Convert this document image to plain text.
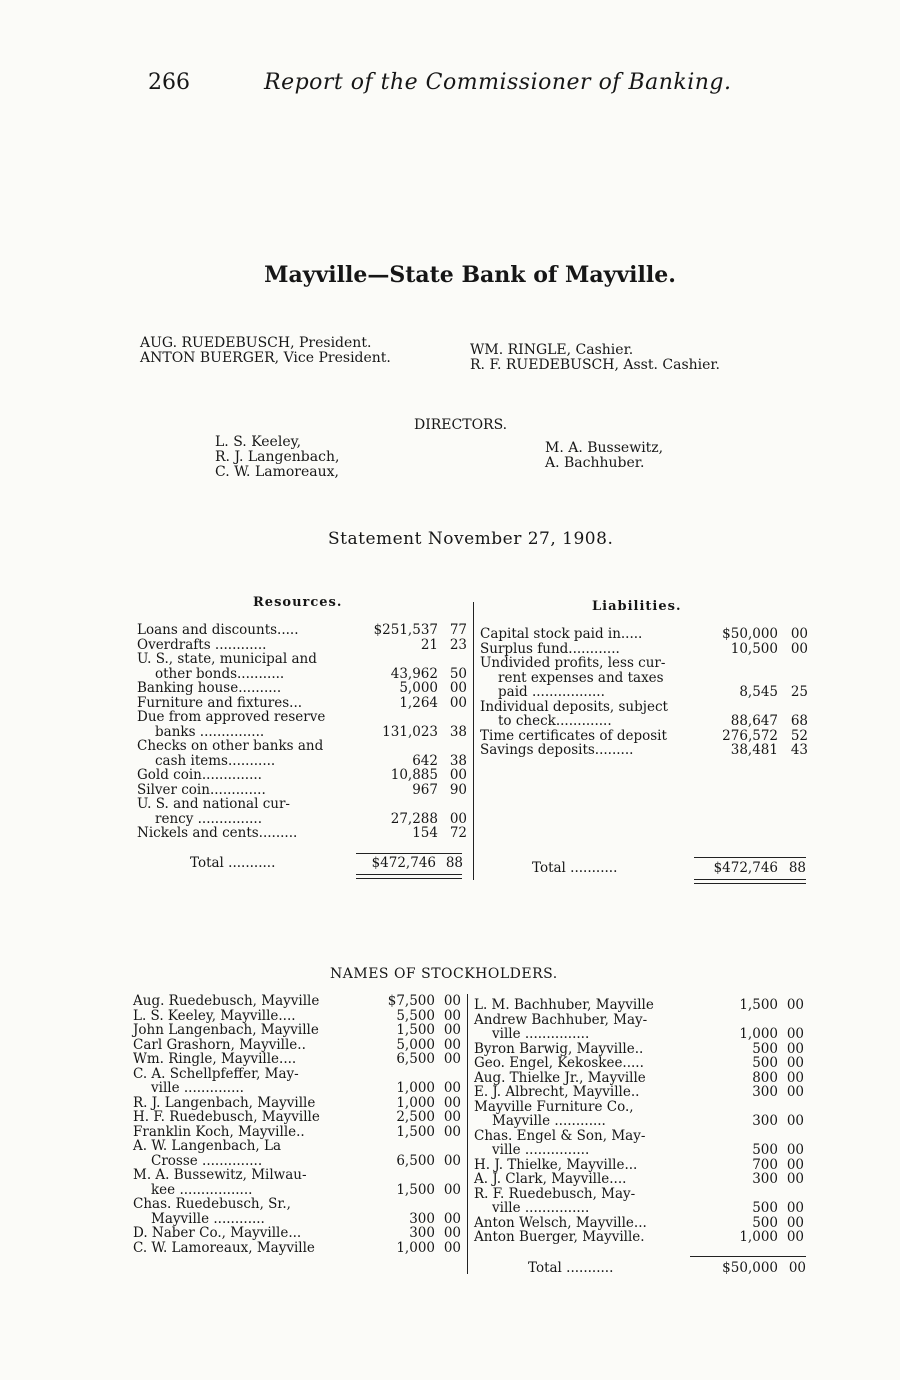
266	Report of the Commissioner of Banking.
Mayville—State Bank of Mayville.
AUG. RUEDEBUSCH, President.
ANTON BUERGER, Vice President.	WM. RINGLE, Cashier.
R. F. RUEDEBUSCH, Asst. Cashier.
DIRECTORS.
L. S. Keeley,
R. J. Langenbach,
C. W. Lamoreaux,
M. A. Bussewitz,
A. Bachhuber.
Statement November 27, 1908.
Resources.	Liabilities.
Loans and discounts.....	$251,537 77
Overdrafts ............	21 23
U. S., state, municipal and
other bonds...........	43,962 50
Banking house..........	5,000 00
Furniture and fixtures...	1,264 00
Due from approved reserve
banks ...............	131,023 38
Checks on other banks and
cash items...........	642 38
Gold coin..............	10,885 00
Silver coin.............	967 90
U. S. and national cur-
rency ...............	27,288 00
Nickels and cents.........	154 72
Capital stock paid in.....	$50,000 00
Surplus fund............	10,500 00
Undivided profits, less cur-
rent expenses and taxes
paid .................	8,545 25
Individual deposits, subject
to check.............	88,647 68
Time certificates of deposit	276,572 52
Savings deposits.........	38,481 43
Total ...........	$472,746 88	Total ...........	$472,746 88
NAMES OF STOCKHOLDERS.
Aug. Ruedebusch, Mayville	$7,500 00
L. S. Keeley, Mayville....	5,500 00
John Langenbach, Mayville	1,500 00
Carl Grashorn, Mayville..	5,000 00
Wm. Ringle, Mayville....	6,500 00
C. A. Schellpfeffer, May-
ville ..............	1,000 00
R. J. Langenbach, Mayville	1,000 00
H. F. Ruedebusch, Mayville	2,500 00
Franklin Koch, Mayville..	1,500 00
A. W. Langenbach, La
Crosse ..............	6,500 00
M. A. Bussewitz, Milwau-
kee .................	1,500 00
Chas. Ruedebusch, Sr.,
Mayville ............	300 00
D. Naber Co., Mayville...	300 00
C. W. Lamoreaux, Mayville	1,000 00
L. M. Bachhuber, Mayville	1,500 00
Andrew Bachhuber, May-
ville ...............	1,000 00
Byron Barwig, Mayville..	500 00
Geo. Engel, Kekoskee.....	500 00
Aug. Thielke Jr., Mayville	800 00
E. J. Albrecht, Mayville..	300 00
Mayville Furniture Co.,
Mayville ............	300 00
Chas. Engel & Son, May-
ville ...............	500 00
H. J. Thielke, Mayville...	700 00
A. J. Clark, Mayville....	300 00
R. F. Ruedebusch, May-
ville ...............	500 00
Anton Welsch, Mayville...	500 00
Anton Buerger, Mayville.	1,000 00
Total ...........	$50,000 00
